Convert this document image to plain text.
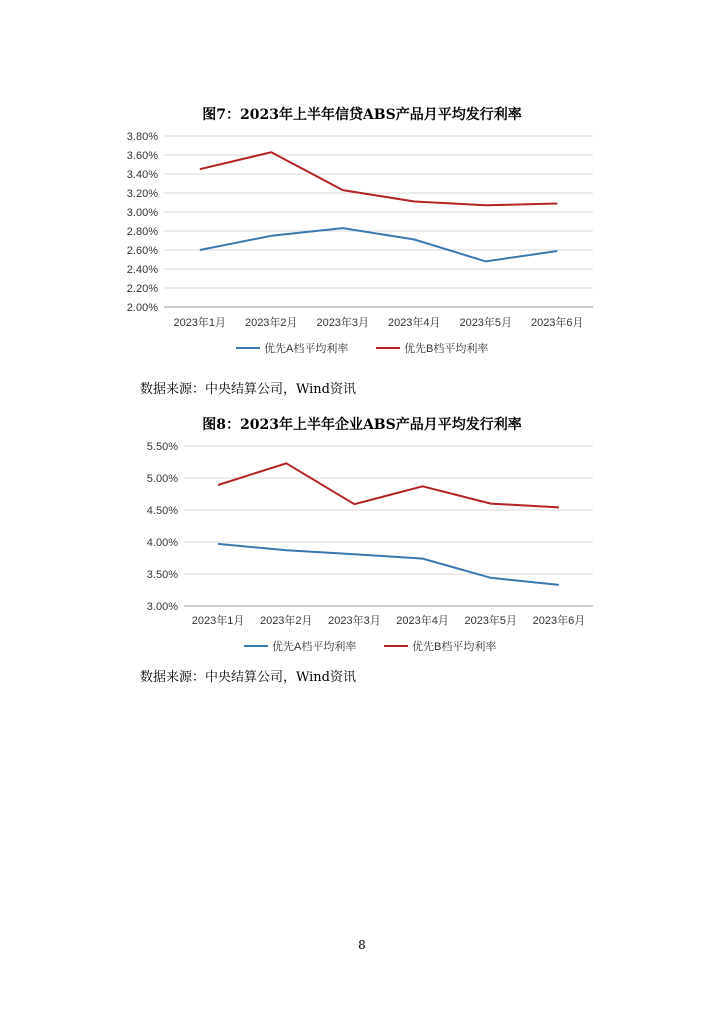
图7：2023年上半年信贷ABS产品月平均发行利率
2.00%
2.20%
2.40%
2.60%
2.80%
3.00%
3.20%
3.40%
3.60%
3.80%
2023年1月 2023年2月 2023年3月 2023年4月 2023年5月 2023年6月
优先A档平均利率	优先B档平均利率
数据来源：中央结算公司，Wind资讯
图8：2023年上半年企业ABS产品月平均发行利率
3.00%
3.50%
4.00%
4.50%
5.00%
5.50%
2023年1月 2023年2月 2023年3月 2023年4月 2023年5月 2023年6月
优先A档平均利率	优先B档平均利率
数据来源：中央结算公司，Wind资讯
8
